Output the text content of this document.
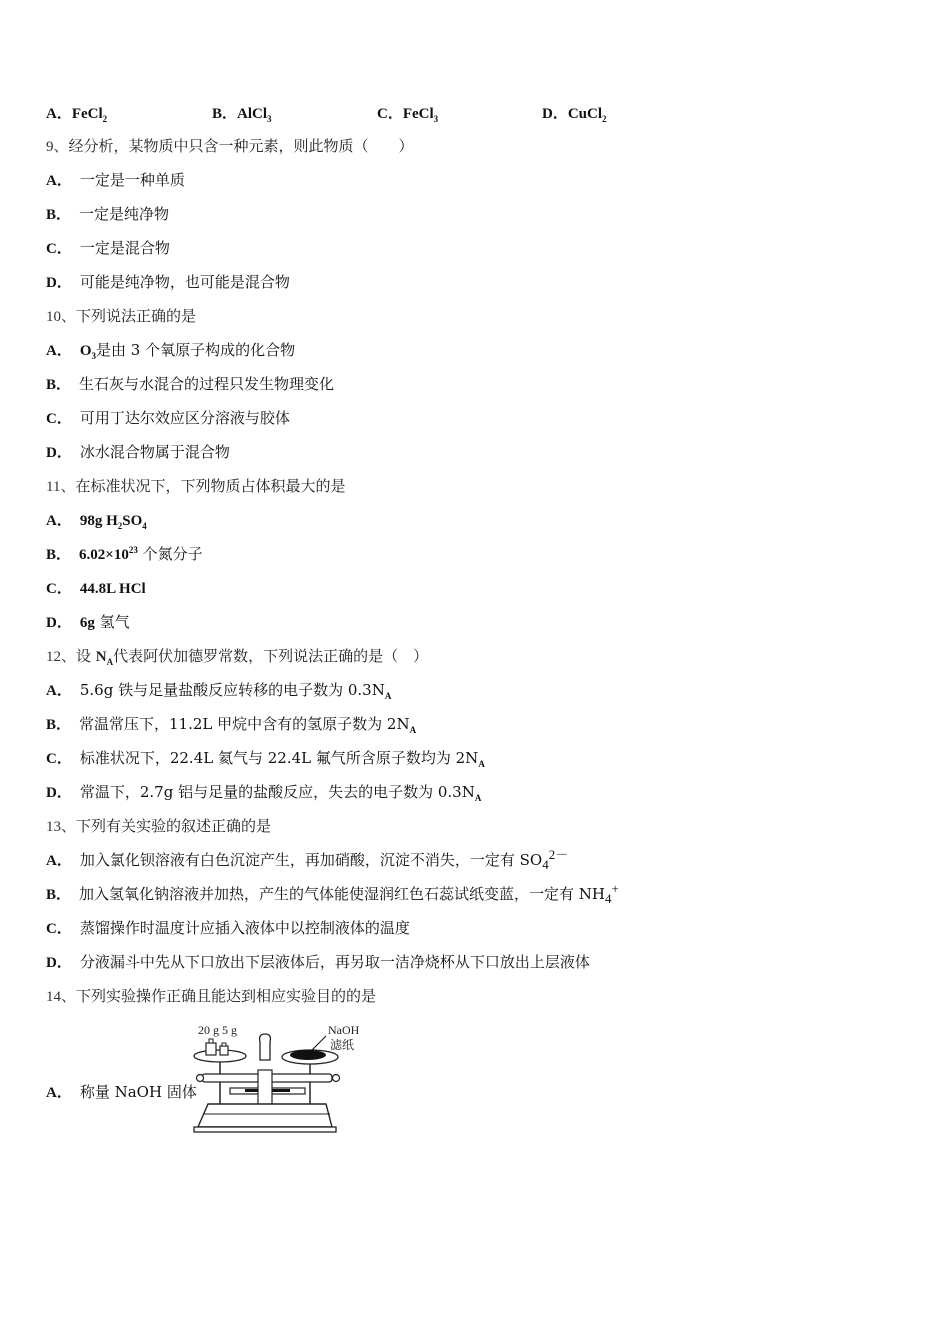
A．FeCl$_2$	B．AlCl$_3$	C．FeCl$_3$	D．CuCl$_2$
9、经分析，某物质中只含一种元素，则此物质（　　）
A． 一定是一种单质
B． 一定是纯净物
C． 一定是混合物
D． 可能是纯净物，也可能是混合物
10、下列说法正确的是
A． $O_3$是由 3 个氧原子构成的化合物
B． 生石灰与水混合的过程只发生物理变化
C． 可用丁达尔效应区分溶液与胶体
D． 冰水混合物属于混合物
11、在标准状况下，下列物质占体积最大的是
A． 98g $H_2SO_4$
B． $6.02\times 10^{23}$ 个氮分子
C． 44.8L HCl
D． 6g 氢气
12、设 $N_A$代表阿伏加德罗常数，下列说法正确的是（　）
A． 5.6g 铁与足量盐酸反应转移的电子数为 $0.3N_A$
B． 常温常压下，11.2L 甲烷中含有的氢原子数为 $2N_A$
C． 标准状况下，22.4L 氦气与 22.4L 氟气所含原子数均为 $2N_A$
D． 常温下，2.7g 铝与足量的盐酸反应，失去的电子数为 $0.3N_A$
13、下列有关实验的叙述正确的是
A． 加入氯化钡溶液有白色沉淀产生，再加硝酸，沉淀不消失，一定有 $SO_4^{2-}$
B． 加入氢氧化钠溶液并加热，产生的气体能使湿润红色石蕊试纸变蓝，一定有 $NH_4^+$
C． 蒸馏操作时温度计应插入液体中以控制液体的温度
D． 分液漏斗中先从下口放出下层液体后，再另取一洁净烧杯从下口放出上层液体
14、下列实验操作正确且能达到相应实验目的的是
A． 称量 NaOH 固体
20 g 5 g	NaOH
滤纸
